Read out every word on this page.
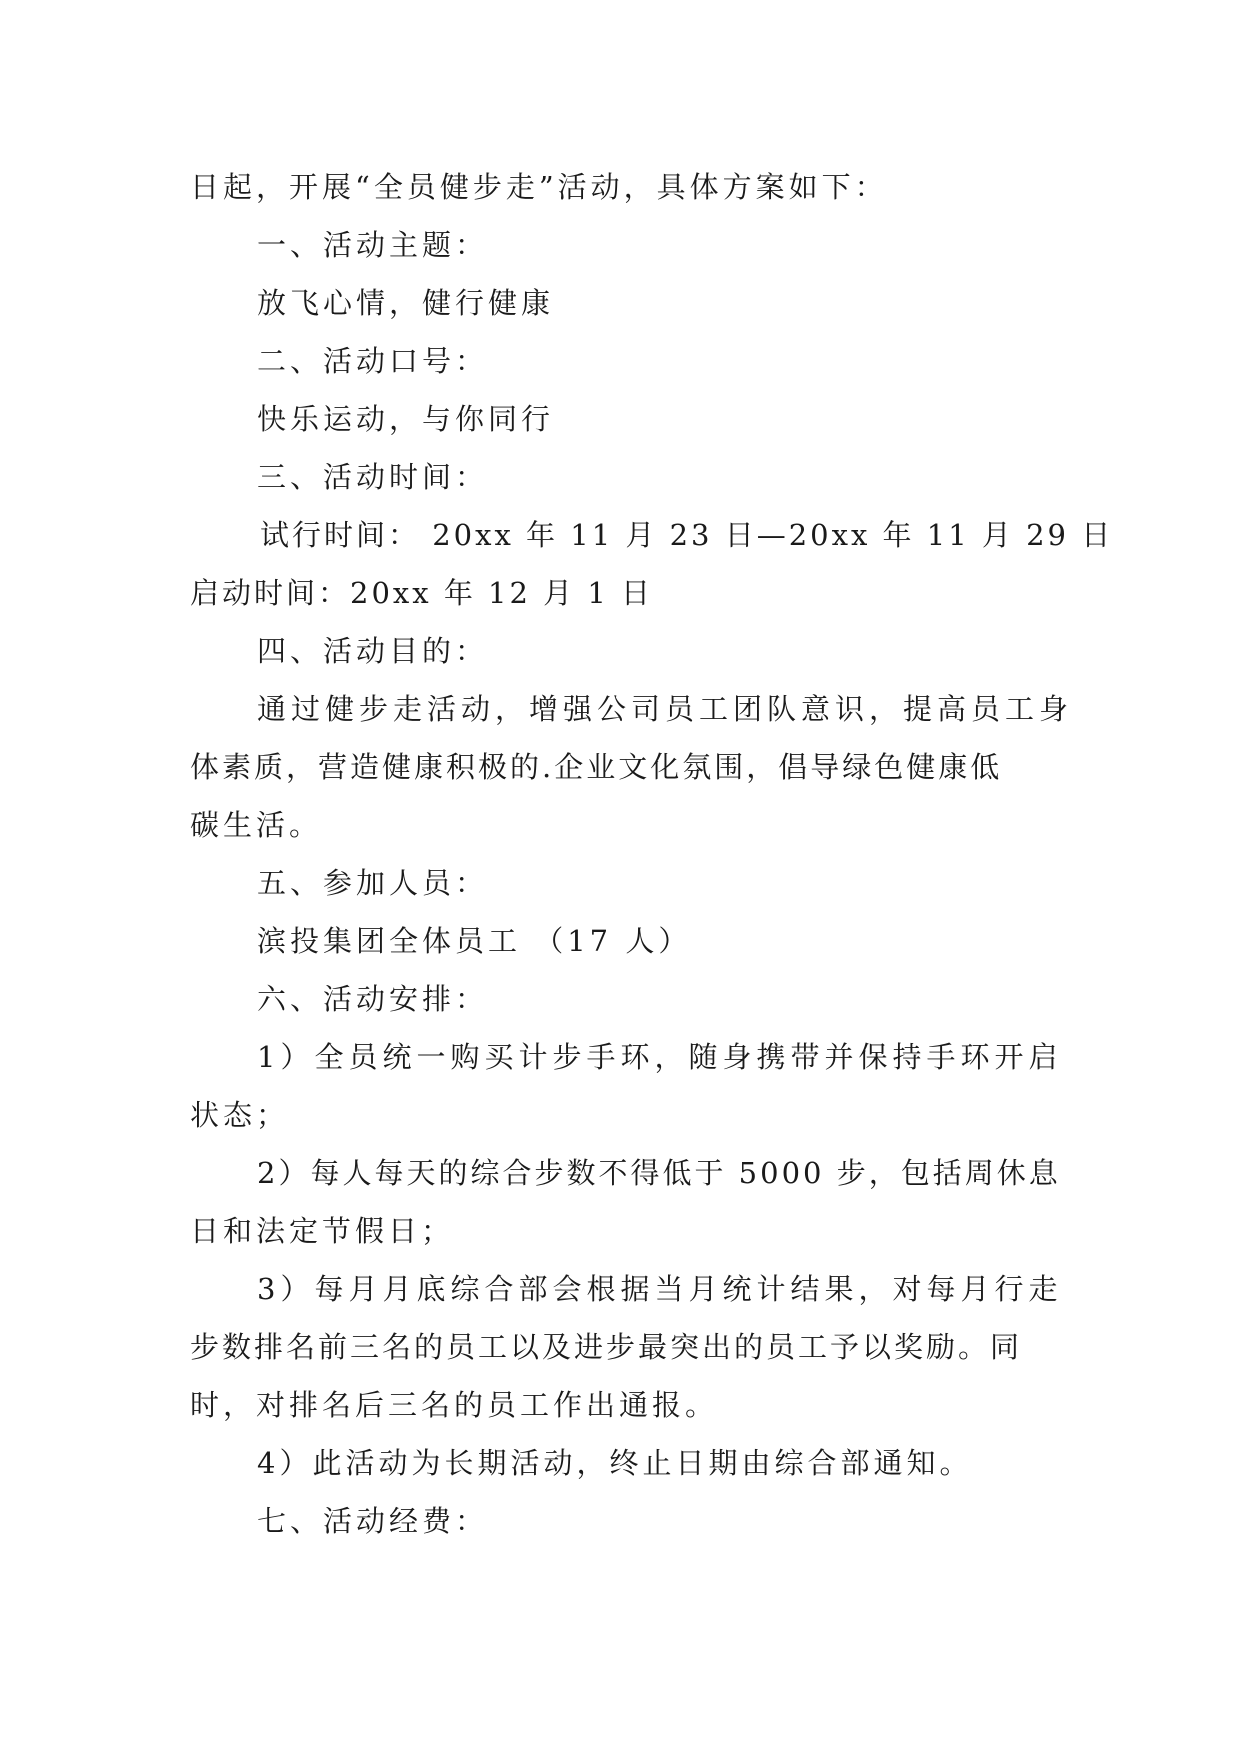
日起，开展“全员健步走”活动，具体方案如下：
一、活动主题：
放飞心情，健行健康
二、活动口号：
快乐运动，与你同行
三、活动时间：
试行时间： 20xx 年 11 月 23 日—20xx 年 11 月 29 日
启动时间：20xx 年 12 月 1 日
四、活动目的：
通过健步走活动，增强公司员工团队意识，提高员工身
体素质，营造健康积极的.企业文化氛围，倡导绿色健康低
碳生活。
五、参加人员：
滨投集团全体员工 （17 人）
六、活动安排：
1）全员统一购买计步手环，随身携带并保持手环开启
状态；
2）每人每天的综合步数不得低于 5000 步，包括周休息
日和法定节假日；
3）每月月底综合部会根据当月统计结果，对每月行走
步数排名前三名的员工以及进步最突出的员工予以奖励。同
时，对排名后三名的员工作出通报。
4）此活动为长期活动，终止日期由综合部通知。
七、活动经费：
